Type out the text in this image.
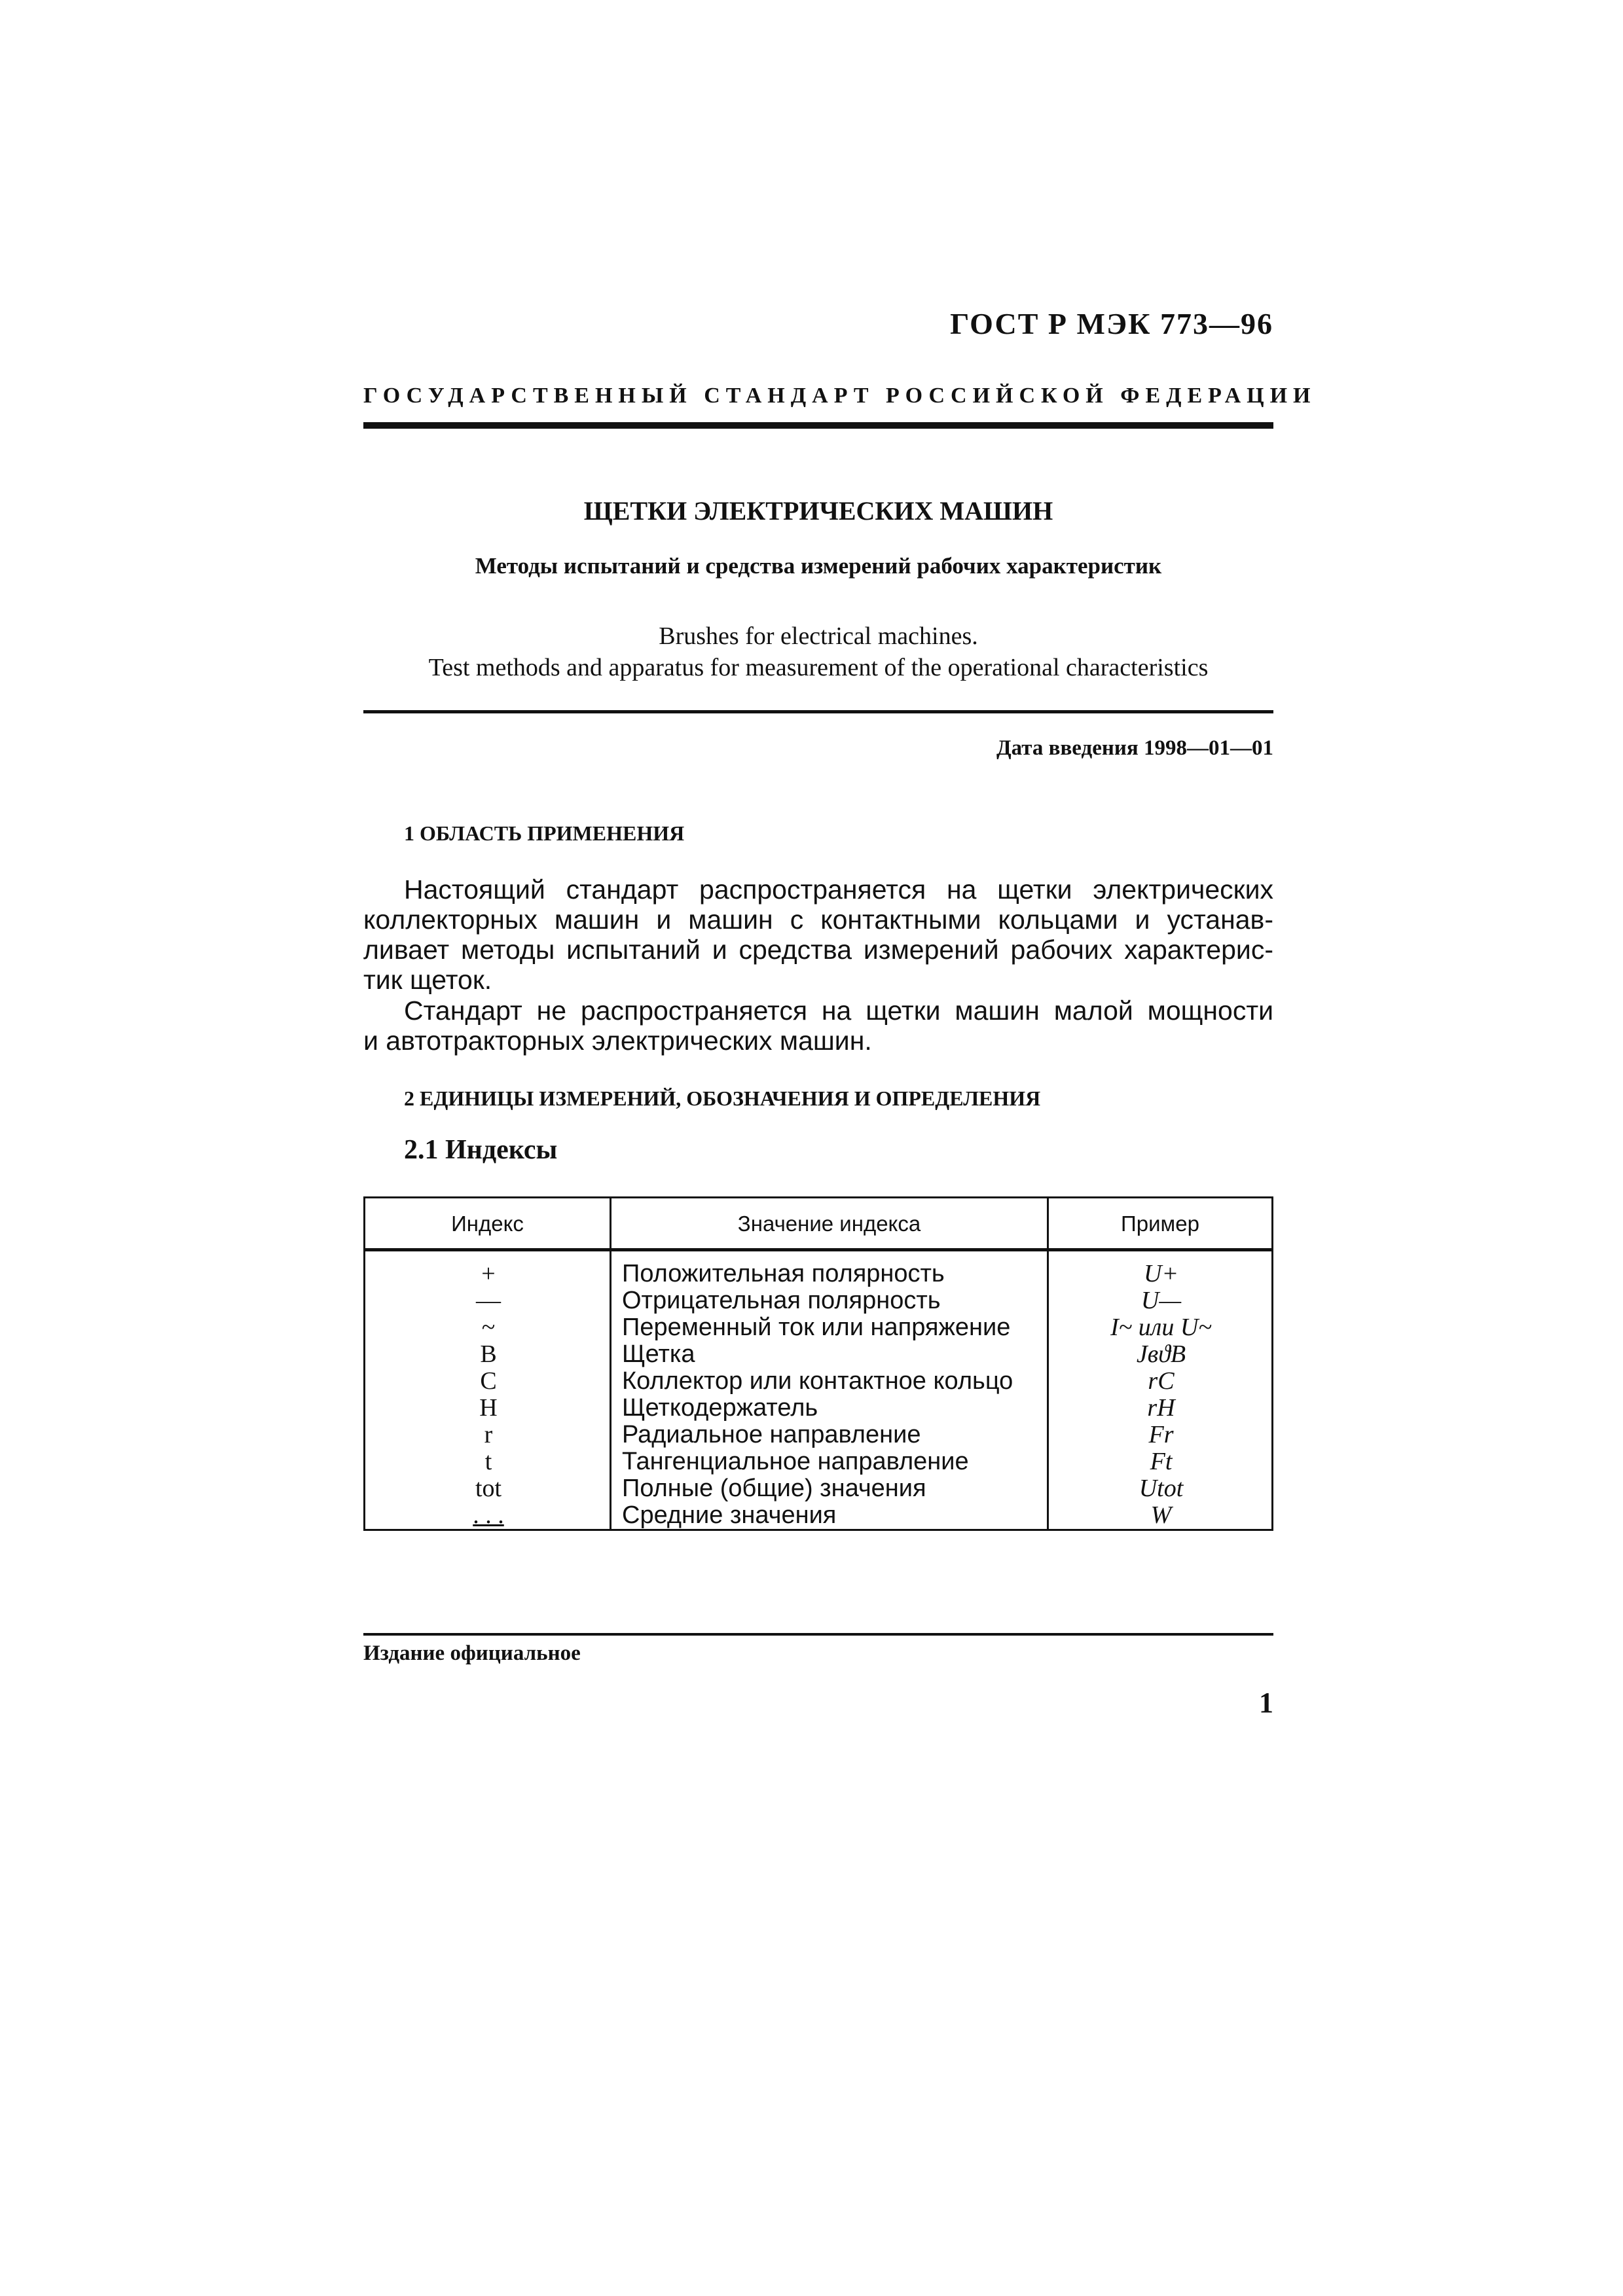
ГОСТ Р МЭК 773—96
ГОСУДАРСТВЕННЫЙ СТАНДАРТ РОССИЙСКОЙ ФЕДЕРАЦИИ
ЩЕТКИ ЭЛЕКТРИЧЕСКИХ МАШИН
Методы испытаний и средства измерений рабочих характеристик
Brushes for electrical machines.
Test methods and apparatus for measurement of the operational characteristics
Дата введения 1998—01—01
1 ОБЛАСТЬ ПРИМЕНЕНИЯ
Настоящий стандарт распространяется на щетки электрических
коллекторных машин и машин с контактными кольцами и устанав-
ливает методы испытаний и средства измерений рабочих характерис-
тик щеток.
Стандарт не распространяется на щетки машин малой мощности
и автотракторных электрических машин.
2 ЕДИНИЦЫ ИЗМЕРЕНИЙ, ОБОЗНАЧЕНИЯ И ОПРЕДЕЛЕНИЯ
2.1 Индексы
Индекс	Значение индекса	Пример
+	Положительная полярность	U+
—	Отрицательная полярность	U—
~	Переменный ток или напряжение	I~ или U~
B	Щетка	JвϑB
C	Коллектор или контактное кольцо	rC
H	Щеткодержатель	rH
r	Радиальное направление	Fr
t	Тангенциальное направление	Ft
tot	Полные (общие) значения	Utot
. . .	Средние значения	W
Издание официальное
1
